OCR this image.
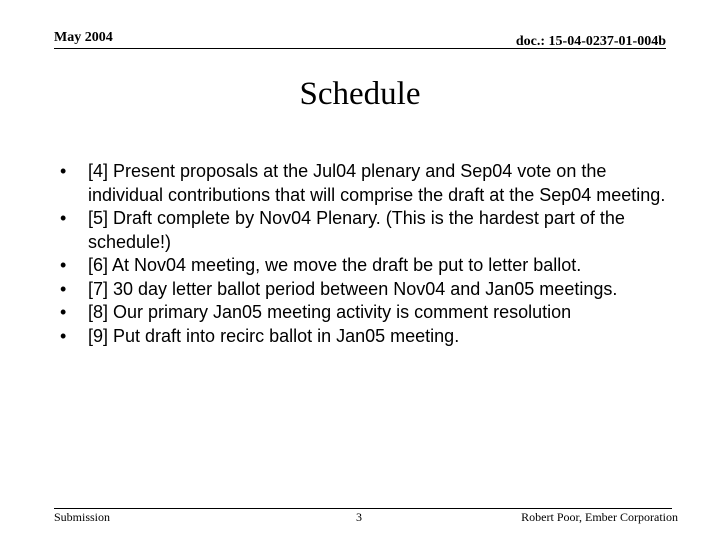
May 2004	doc.: 15-04-0237-01-004b
Schedule
• [4] Present proposals at the Jul04 plenary and Sep04 vote on the individual contributions that will comprise the draft at the Sep04 meeting.
• [5] Draft complete by Nov04 Plenary. (This is the hardest part of the schedule!)
• [6] At Nov04 meeting, we move the draft be put to letter ballot.
• [7] 30 day letter ballot period between Nov04 and Jan05 meetings.
• [8] Our primary Jan05 meeting activity is comment resolution
• [9] Put draft into recirc ballot in Jan05 meeting.
Submission	3	Robert Poor, Ember Corporation
